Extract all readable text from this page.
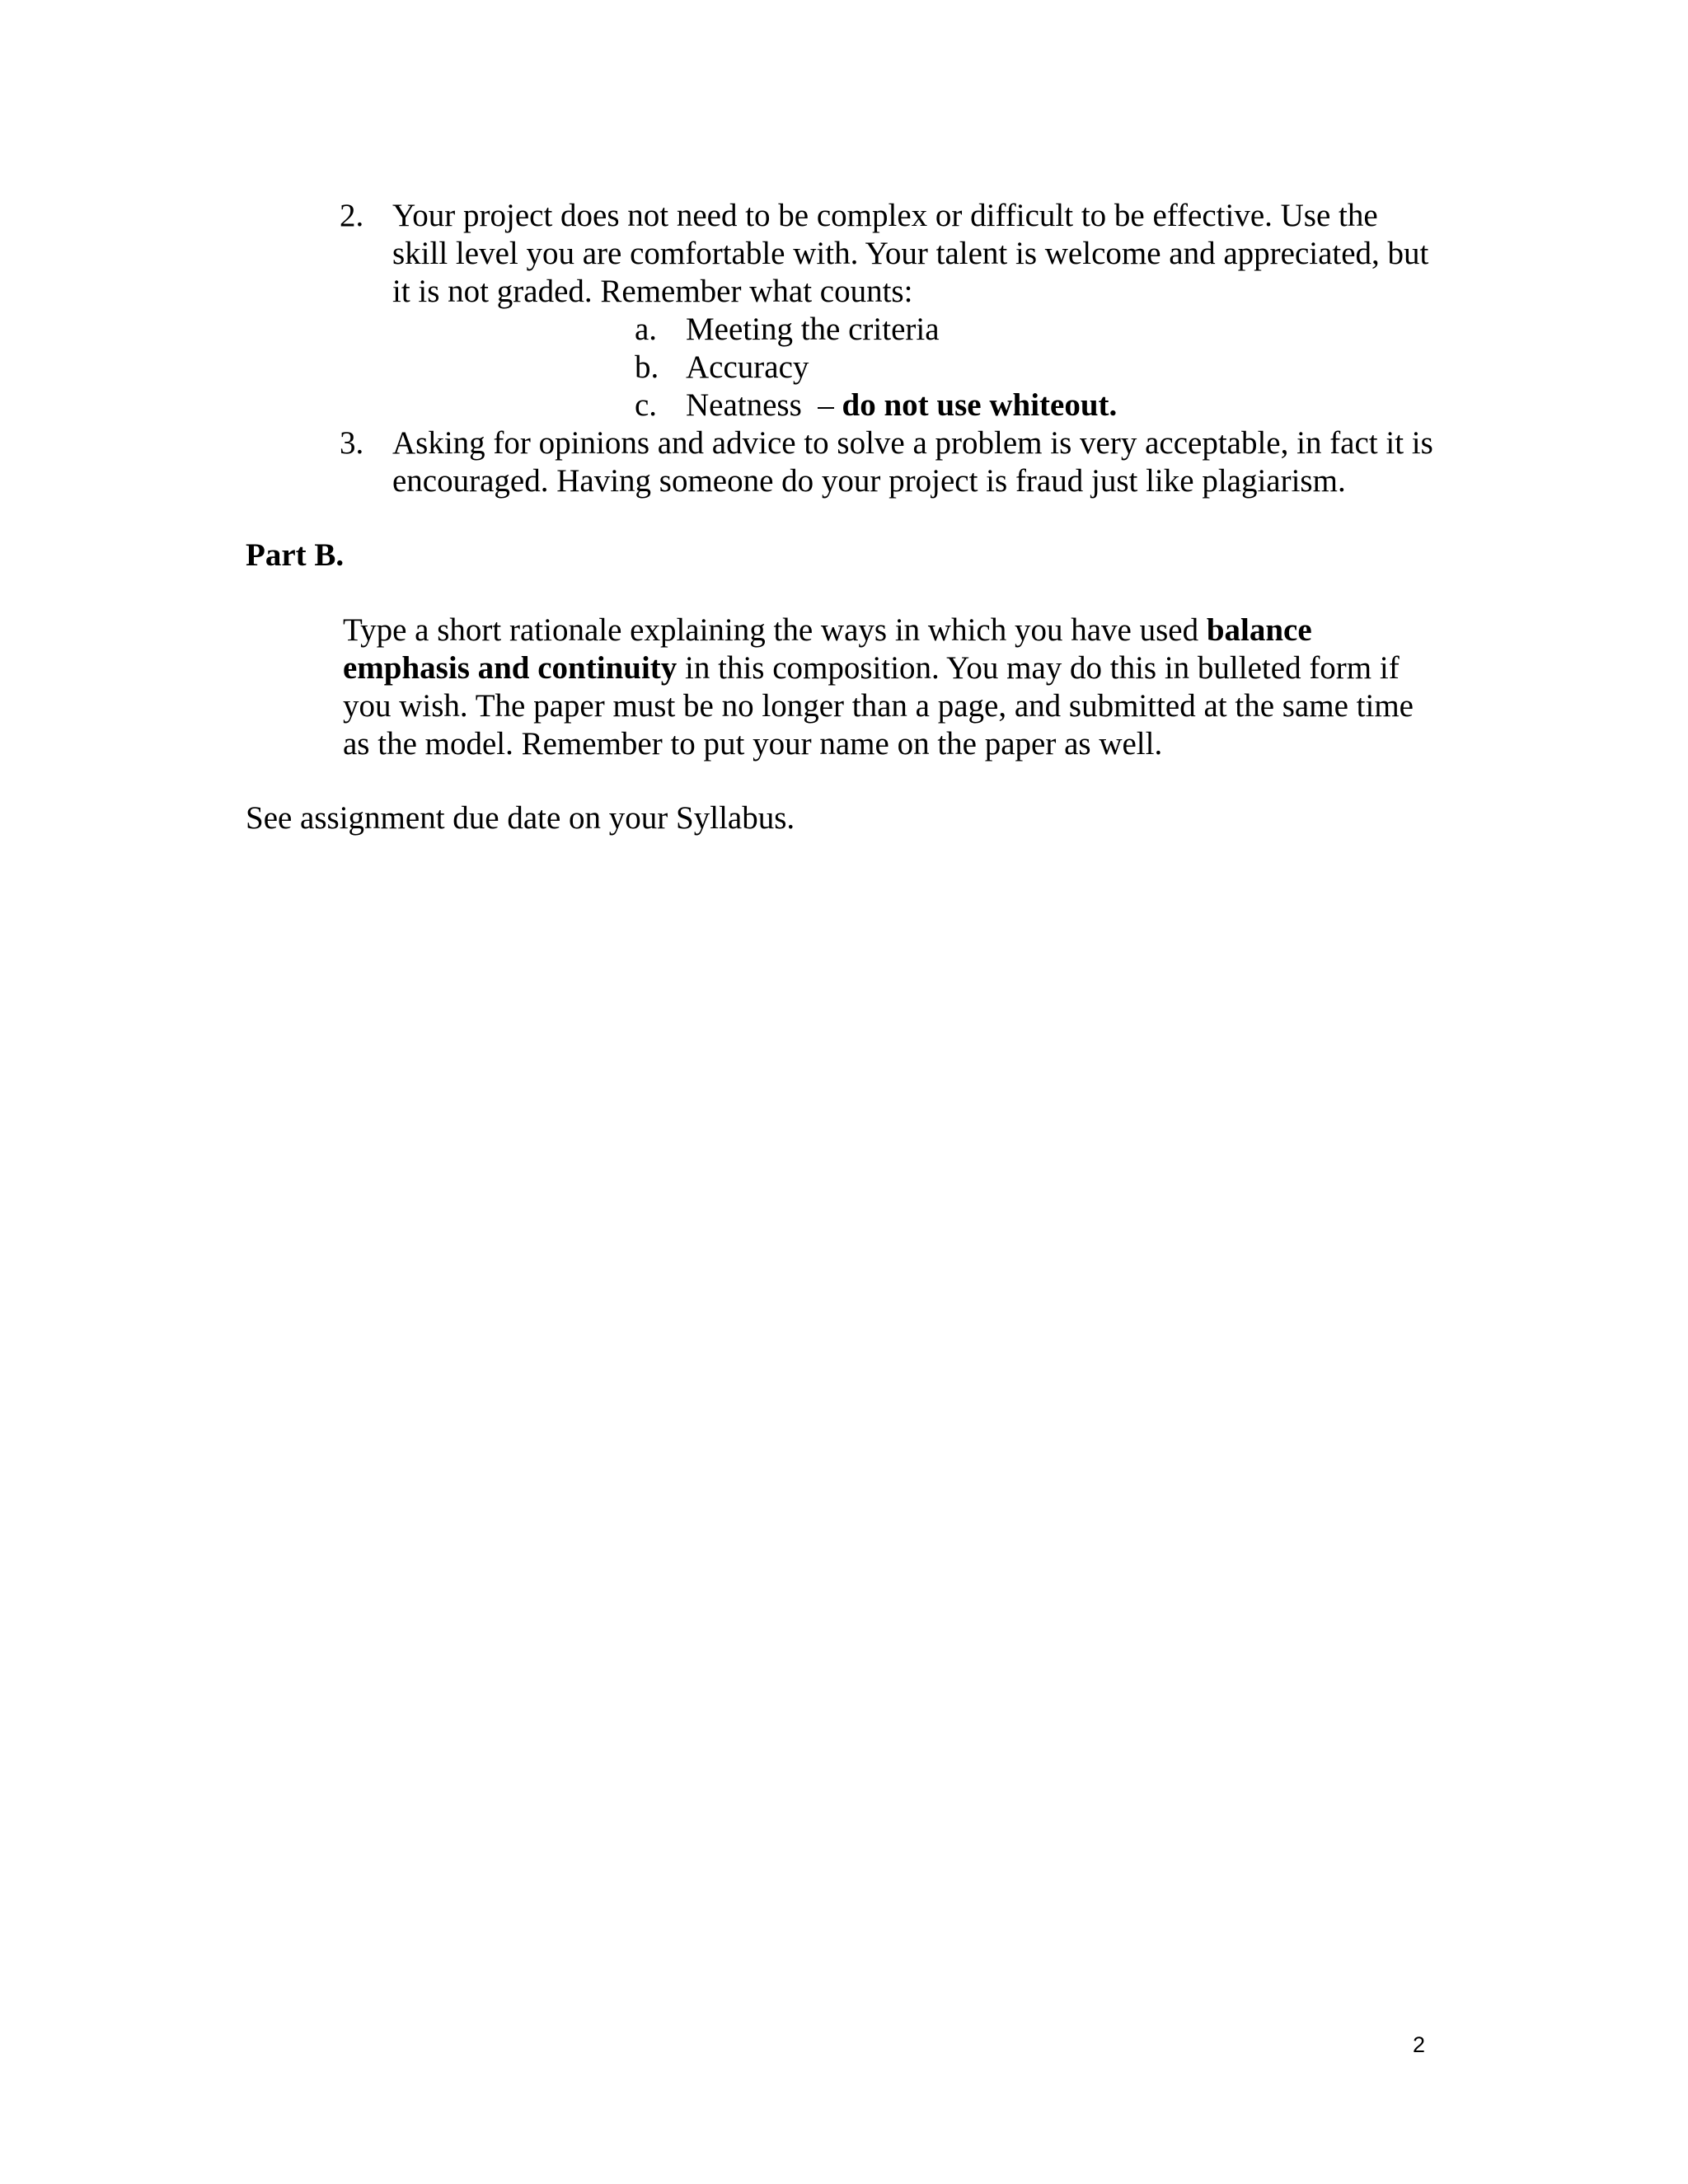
2. Your project does not need to be complex or difficult to be effective. Use the skill level you are comfortable with. Your talent is welcome and appreciated, but it is not graded. Remember what counts:
a. Meeting the criteria
b. Accuracy
c. Neatness  – do not use whiteout.
3. Asking for opinions and advice to solve a problem is very acceptable, in fact it is encouraged. Having someone do your project is fraud just like plagiarism.
Part B.
Type a short rationale explaining the ways in which you have used balance emphasis and continuity in this composition. You may do this in bulleted form if you wish. The paper must be no longer than a page, and submitted at the same time as the model. Remember to put your name on the paper as well.
See assignment due date on your Syllabus.
2
